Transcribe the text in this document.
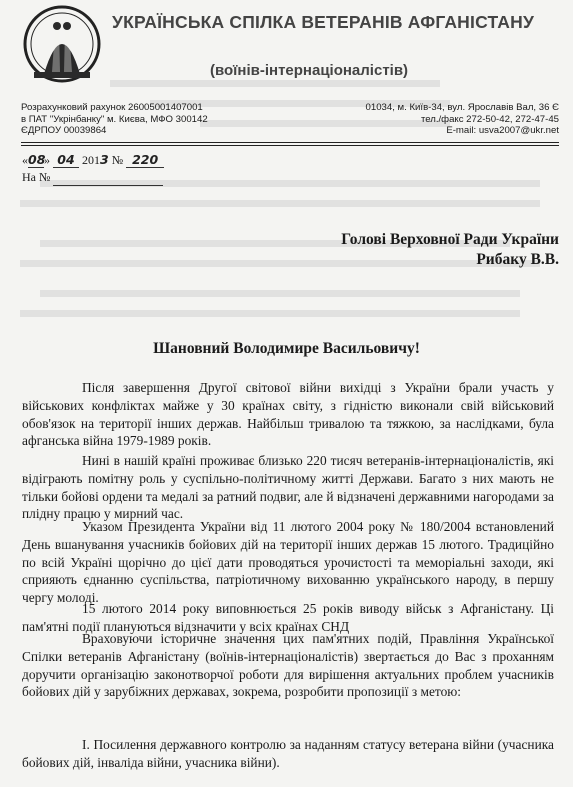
УКРАЇНСЬКА СПІЛКА ВЕТЕРАНІВ АФГАНІСТАНУ
(воїнів-інтернаціоналістів)
Розрахунковий рахунок 26005001407001
в ПАТ "Укрінбанку" м. Києва, МФО 300142
ЄДРПОУ 00039864
01034, м. Київ-34, вул. Ярославів Вал, 36 Є
тел./факс 272-50-42, 272-47-45
E-mail: usva2007@ukr.net
«08» 04 2013 № 220
На №
Голові Верховної Ради України
Рибаку В.В.
Шановний Володимире Васильовичу!

Після завершення Другої світової війни вихідці з України брали участь у військових конфліктах майже у 30 країнах світу, з гідністю виконали свій військовий обов'язок на території інших держав. Найбільш тривалою та тяжкою, за наслідками, була афганська війна 1979-1989 років.

Нині в нашій країні проживає близько 220 тисяч ветеранів-інтернаціоналістів, які відіграють помітну роль у суспільно-політичному житті Держави. Багато з них мають не тільки бойові ордени та медалі за ратний подвиг, але й відзначені державними нагородами за плідну працю у мирний час.

Указом Президента України від 11 лютого 2004 року № 180/2004 встановлений День вшанування учасників бойових дій на території інших держав 15 лютого. Традиційно по всій Україні щорічно до цієї дати проводяться урочистості та меморіальні заходи, які сприяють єднанню суспільства, патріотичному вихованню українського народу, в першу чергу молоді.

15 лютого 2014 року виповнюється 25 років виводу військ з Афганістану. Ці пам'ятні події плануються відзначити у всіх країнах СНД

Враховуючи історичне значення цих пам'ятних подій, Правління Української Спілки ветеранів Афганістану (воїнів-інтернаціоналістів) звертається до Вас з проханням доручити організацію законотворчої роботи для вирішення актуальних проблем учасників бойових дій у зарубіжних державах, зокрема, розробити пропозиції з метою:

І. Посилення державного контролю за наданням статусу ветерана війни (учасника бойових дій, інваліда війни, учасника війни).
